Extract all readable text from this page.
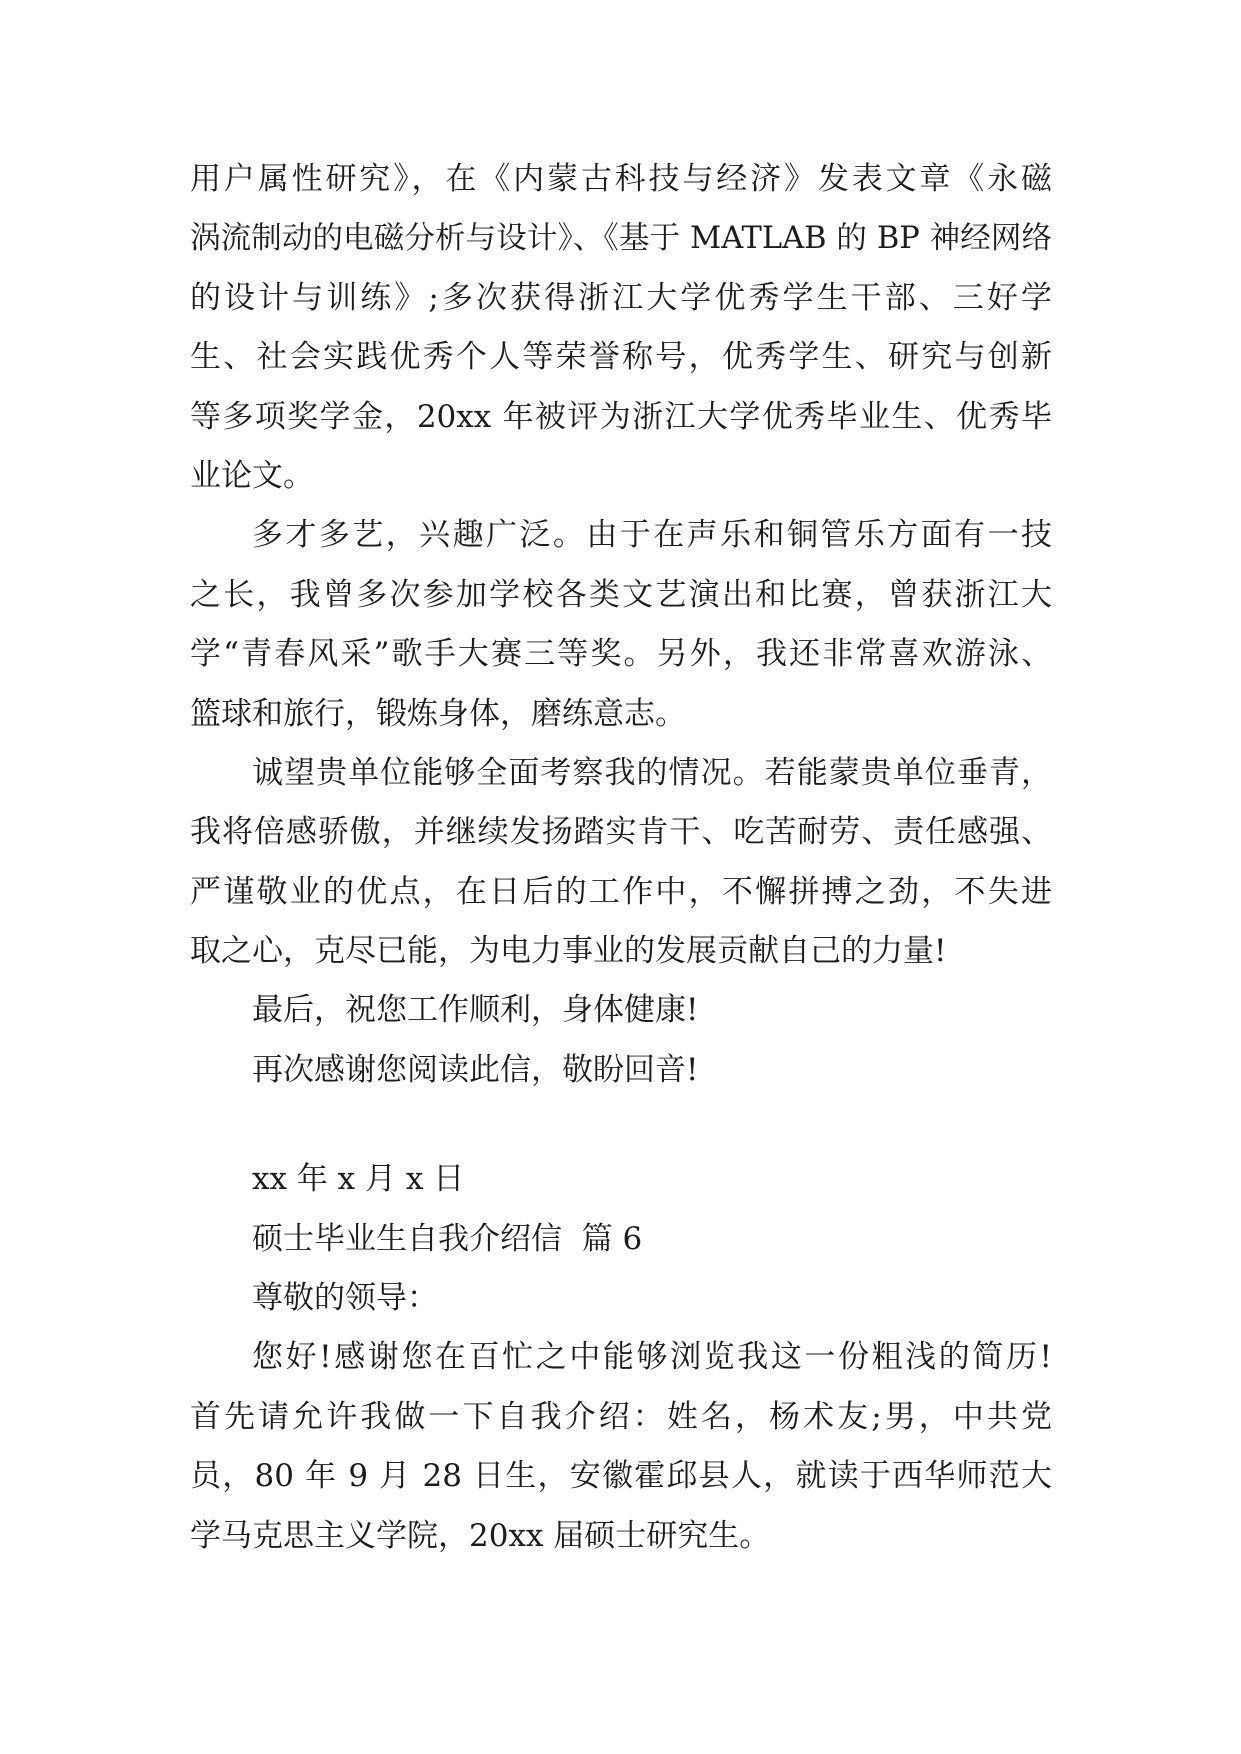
用户属性研究》，在《内蒙古科技与经济》发表文章《永磁
涡流制动的电磁分析与设计》、《基于 MATLAB 的 BP 神经网络
的设计与训练》;多次获得浙江大学优秀学生干部、三好学
生、社会实践优秀个人等荣誉称号，优秀学生、研究与创新
等多项奖学金，20xx 年被评为浙江大学优秀毕业生、优秀毕
业论文。
多才多艺，兴趣广泛。由于在声乐和铜管乐方面有一技
之长，我曾多次参加学校各类文艺演出和比赛，曾获浙江大
学“青春风采”歌手大赛三等奖。另外，我还非常喜欢游泳、
篮球和旅行，锻炼身体，磨练意志。
诚望贵单位能够全面考察我的情况。若能蒙贵单位垂青，
我将倍感骄傲，并继续发扬踏实肯干、吃苦耐劳、责任感强、
严谨敬业的优点，在日后的工作中，不懈拼搏之劲，不失进
取之心，克尽已能，为电力事业的发展贡献自己的力量!
最后，祝您工作顺利，身体健康!
再次感谢您阅读此信，敬盼回音!
xx 年 x 月 x 日
硕士毕业生自我介绍信  篇 6
尊敬的领导：
您好!感谢您在百忙之中能够浏览我这一份粗浅的简历!
首先请允许我做一下自我介绍：姓名，杨术友;男，中共党
员，80 年 9 月 28 日生，安徽霍邱县人，就读于西华师范大
学马克思主义学院，20xx 届硕士研究生。
